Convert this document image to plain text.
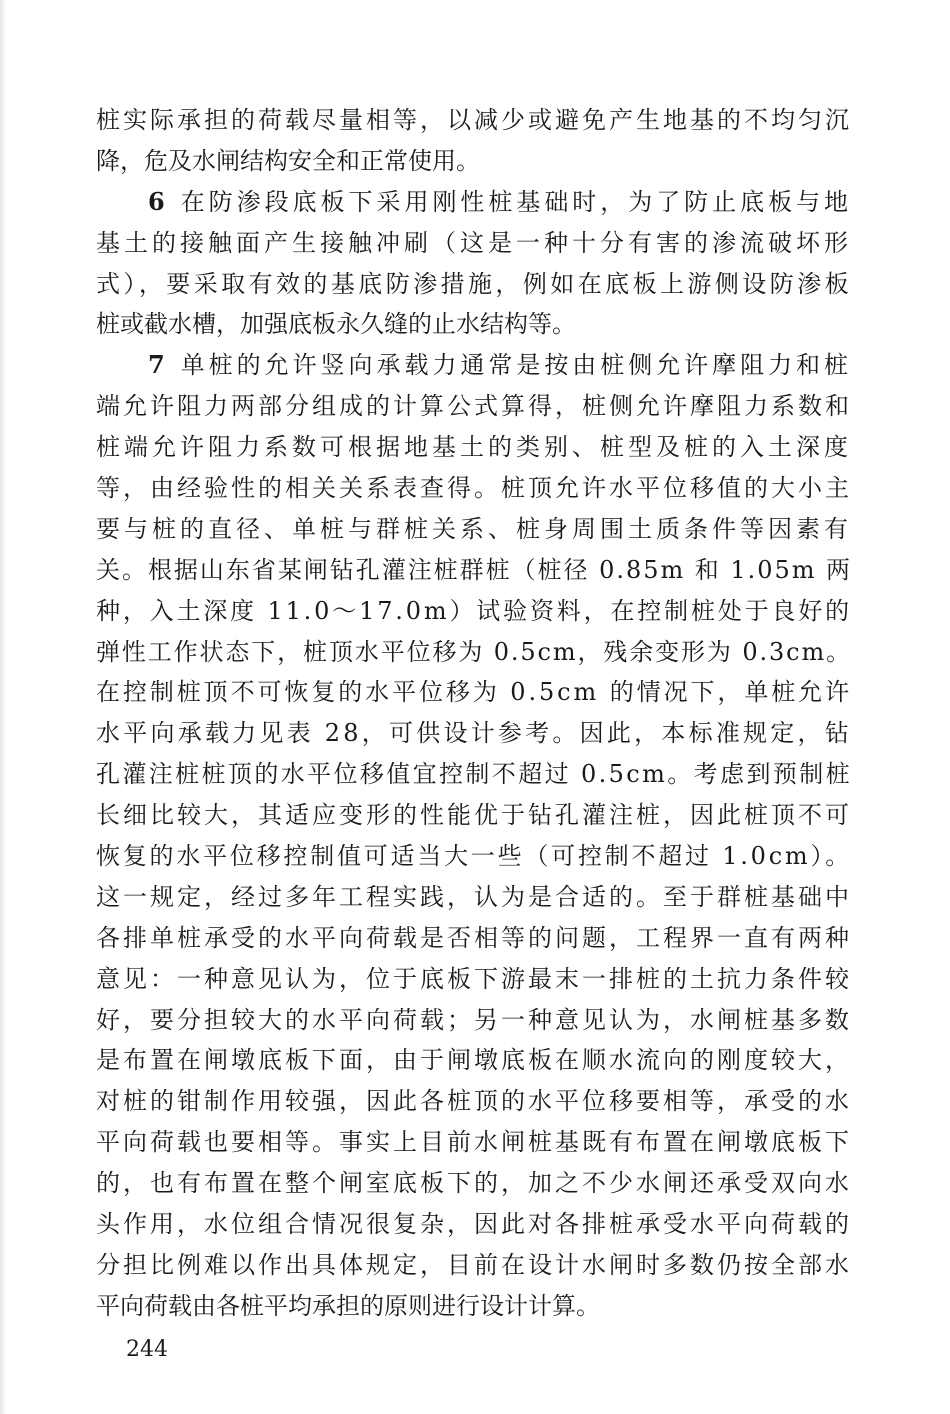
桩实际承担的荷载尽量相等，以减少或避免产生地基的不均匀沉
降，危及水闸结构安全和正常使用。
6 在防渗段底板下采用刚性桩基础时，为了防止底板与地
基土的接触面产生接触冲刷（这是一种十分有害的渗流破坏形
式），要采取有效的基底防渗措施，例如在底板上游侧设防渗板
桩或截水槽，加强底板永久缝的止水结构等。
7 单桩的允许竖向承载力通常是按由桩侧允许摩阻力和桩
端允许阻力两部分组成的计算公式算得，桩侧允许摩阻力系数和
桩端允许阻力系数可根据地基土的类别、桩型及桩的入土深度
等，由经验性的相关关系表查得。桩顶允许水平位移值的大小主
要与桩的直径、单桩与群桩关系、桩身周围土质条件等因素有
关。根据山东省某闸钻孔灌注桩群桩（桩径 0.85m 和 1.05m 两
种，入土深度 11.0～17.0m）试验资料，在控制桩处于良好的
弹性工作状态下，桩顶水平位移为 0.5cm，残余变形为 0.3cm。
在控制桩顶不可恢复的水平位移为 0.5cm 的情况下，单桩允许
水平向承载力见表 28，可供设计参考。因此，本标准规定，钻
孔灌注桩桩顶的水平位移值宜控制不超过 0.5cm。考虑到预制桩
长细比较大，其适应变形的性能优于钻孔灌注桩，因此桩顶不可
恢复的水平位移控制值可适当大一些（可控制不超过 1.0cm）。
这一规定，经过多年工程实践，认为是合适的。至于群桩基础中
各排单桩承受的水平向荷载是否相等的问题，工程界一直有两种
意见：一种意见认为，位于底板下游最末一排桩的土抗力条件较
好，要分担较大的水平向荷载；另一种意见认为，水闸桩基多数
是布置在闸墩底板下面，由于闸墩底板在顺水流向的刚度较大，
对桩的钳制作用较强，因此各桩顶的水平位移要相等，承受的水
平向荷载也要相等。事实上目前水闸桩基既有布置在闸墩底板下
的，也有布置在整个闸室底板下的，加之不少水闸还承受双向水
头作用，水位组合情况很复杂，因此对各排桩承受水平向荷载的
分担比例难以作出具体规定，目前在设计水闸时多数仍按全部水
平向荷载由各桩平均承担的原则进行设计计算。
244
